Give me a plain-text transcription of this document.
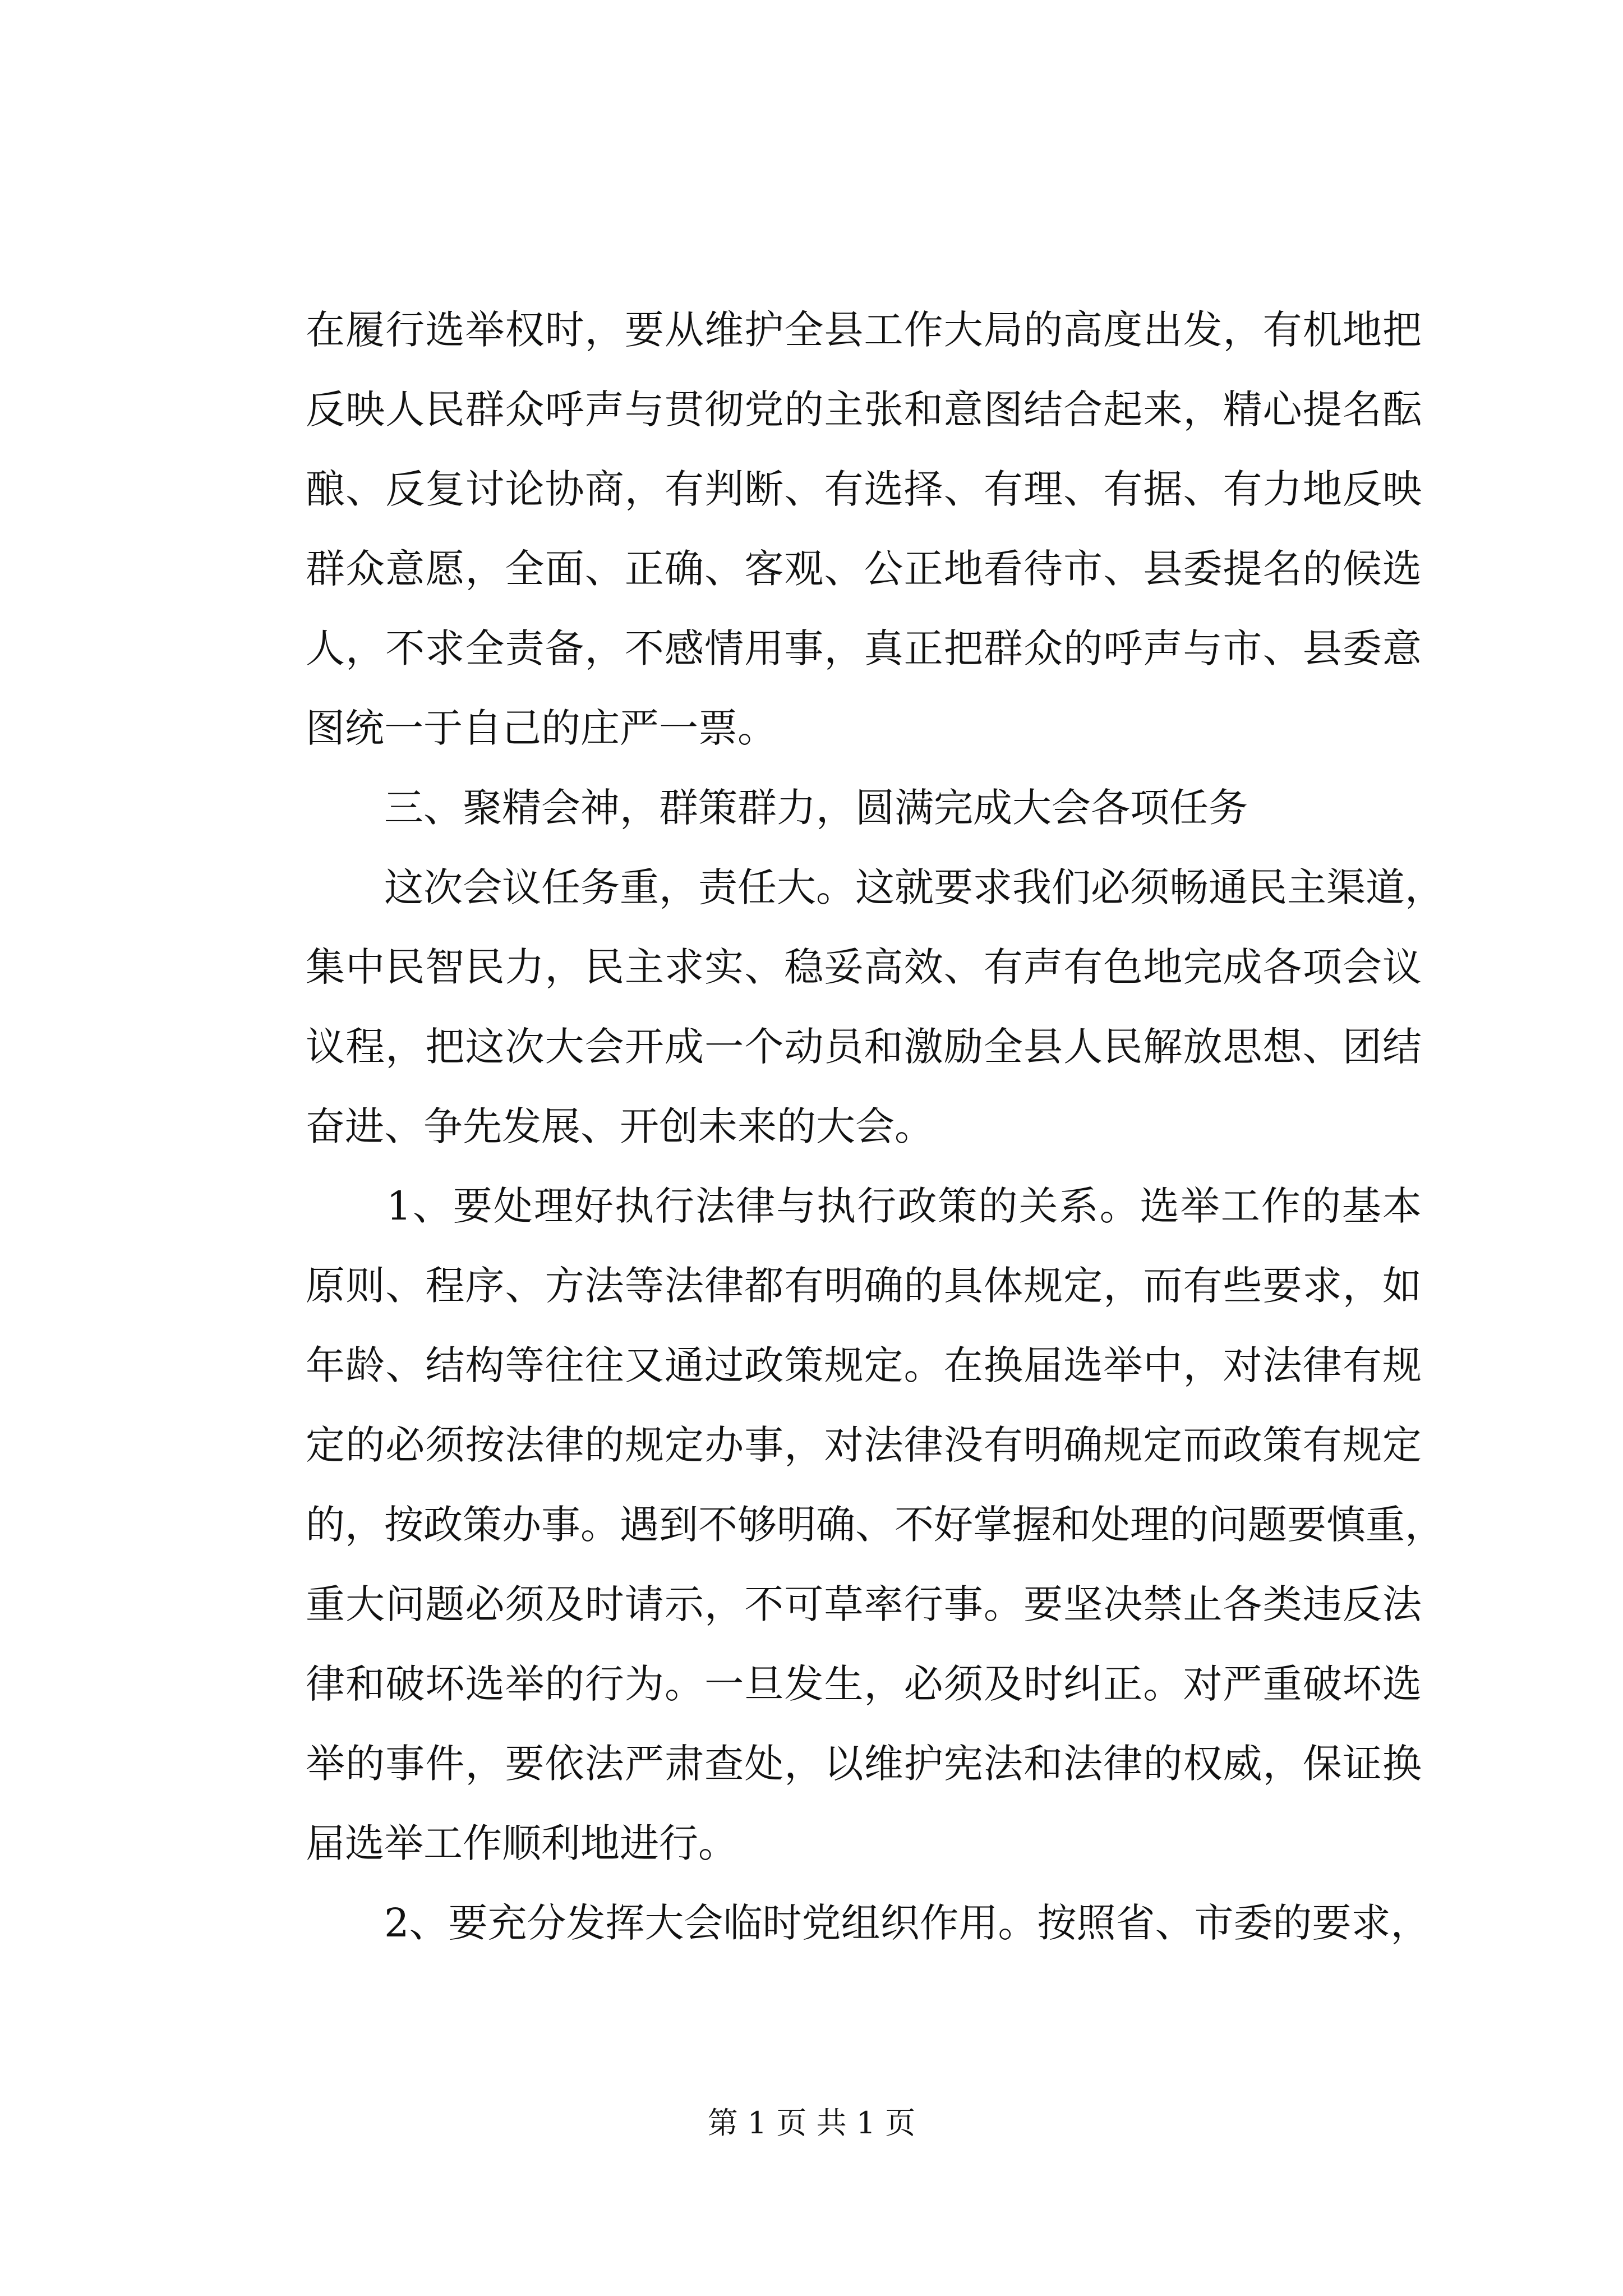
在履行选举权时，要从维护全县工作大局的高度出发，有机地把
反映人民群众呼声与贯彻党的主张和意图结合起来，精心提名酝
酿、反复讨论协商，有判断、有选择、有理、有据、有力地反映
群众意愿，全面、正确、客观、公正地看待市、县委提名的候选
人，不求全责备，不感情用事，真正把群众的呼声与市、县委意
图统一于自己的庄严一票。
　　三、聚精会神，群策群力，圆满完成大会各项任务
　　这次会议任务重，责任大。这就要求我们必须畅通民主渠道，
集中民智民力，民主求实、稳妥高效、有声有色地完成各项会议
议程，把这次大会开成一个动员和激励全县人民解放思想、团结
奋进、争先发展、开创未来的大会。
　　1、要处理好执行法律与执行政策的关系。选举工作的基本
原则、程序、方法等法律都有明确的具体规定，而有些要求，如
年龄、结构等往往又通过政策规定。在换届选举中，对法律有规
定的必须按法律的规定办事，对法律没有明确规定而政策有规定
的，按政策办事。遇到不够明确、不好掌握和处理的问题要慎重，
重大问题必须及时请示，不可草率行事。要坚决禁止各类违反法
律和破坏选举的行为。一旦发生，必须及时纠正。对严重破坏选
举的事件，要依法严肃查处，以维护宪法和法律的权威，保证换
届选举工作顺利地进行。
　　2、要充分发挥大会临时党组织作用。按照省、市委的要求，
第 1 页 共 1 页
